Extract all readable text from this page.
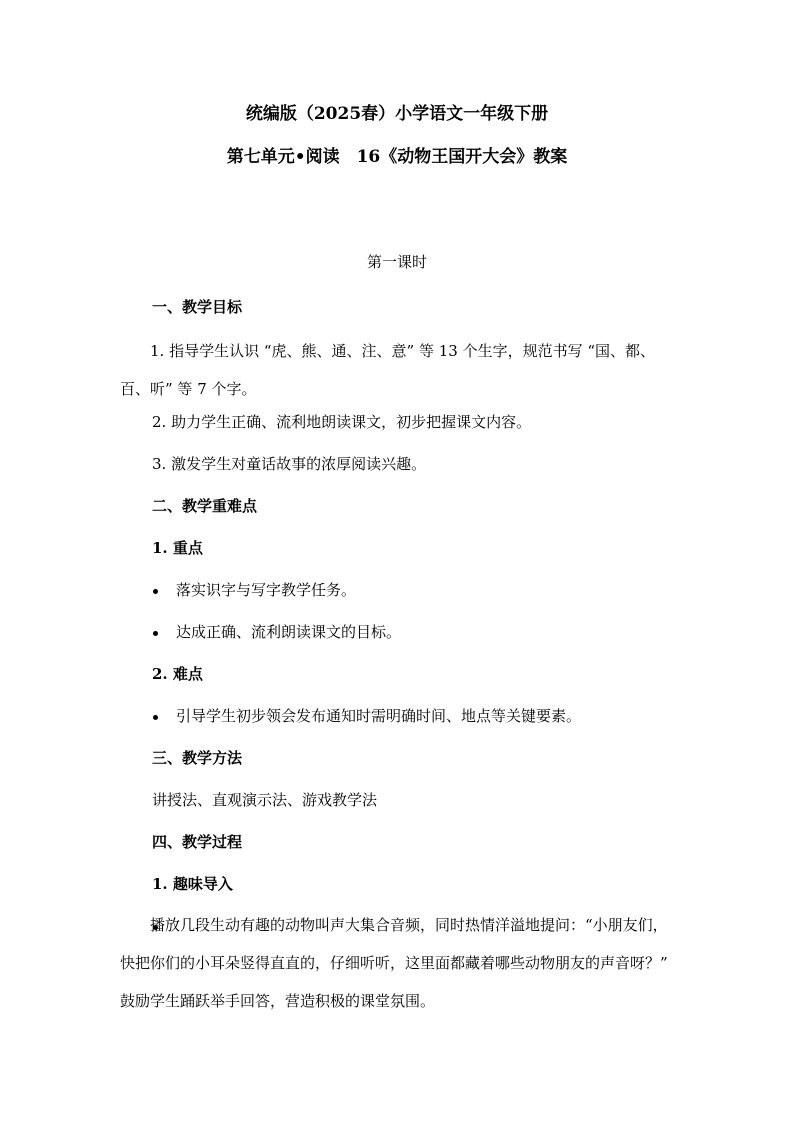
统编版（2025春）小学语文一年级下册
第七单元•阅读　16《动物王国开大会》教案
第一课时
一、教学目标
1. 指导学生认识 “虎、熊、通、注、意” 等 13 个生字，规范书写 “国、都、百、听” 等 7 个字。
2. 助力学生正确、流利地朗读课文，初步把握课文内容。
3. 激发学生对童话故事的浓厚阅读兴趣。
二、教学重难点
1. 重点
落实识字与写字教学任务。
达成正确、流利朗读课文的目标。
2. 难点
引导学生初步领会发布通知时需明确时间、地点等关键要素。
三、教学方法
讲授法、直观演示法、游戏教学法
四、教学过程
1. 趣味导入
播放几段生动有趣的动物叫声大集合音频，同时热情洋溢地提问：“小朋友们，快把你们的小耳朵竖得直直的，仔细听听，这里面都藏着哪些动物朋友的声音呀？” 鼓励学生踊跃举手回答，营造积极的课堂氛围。
